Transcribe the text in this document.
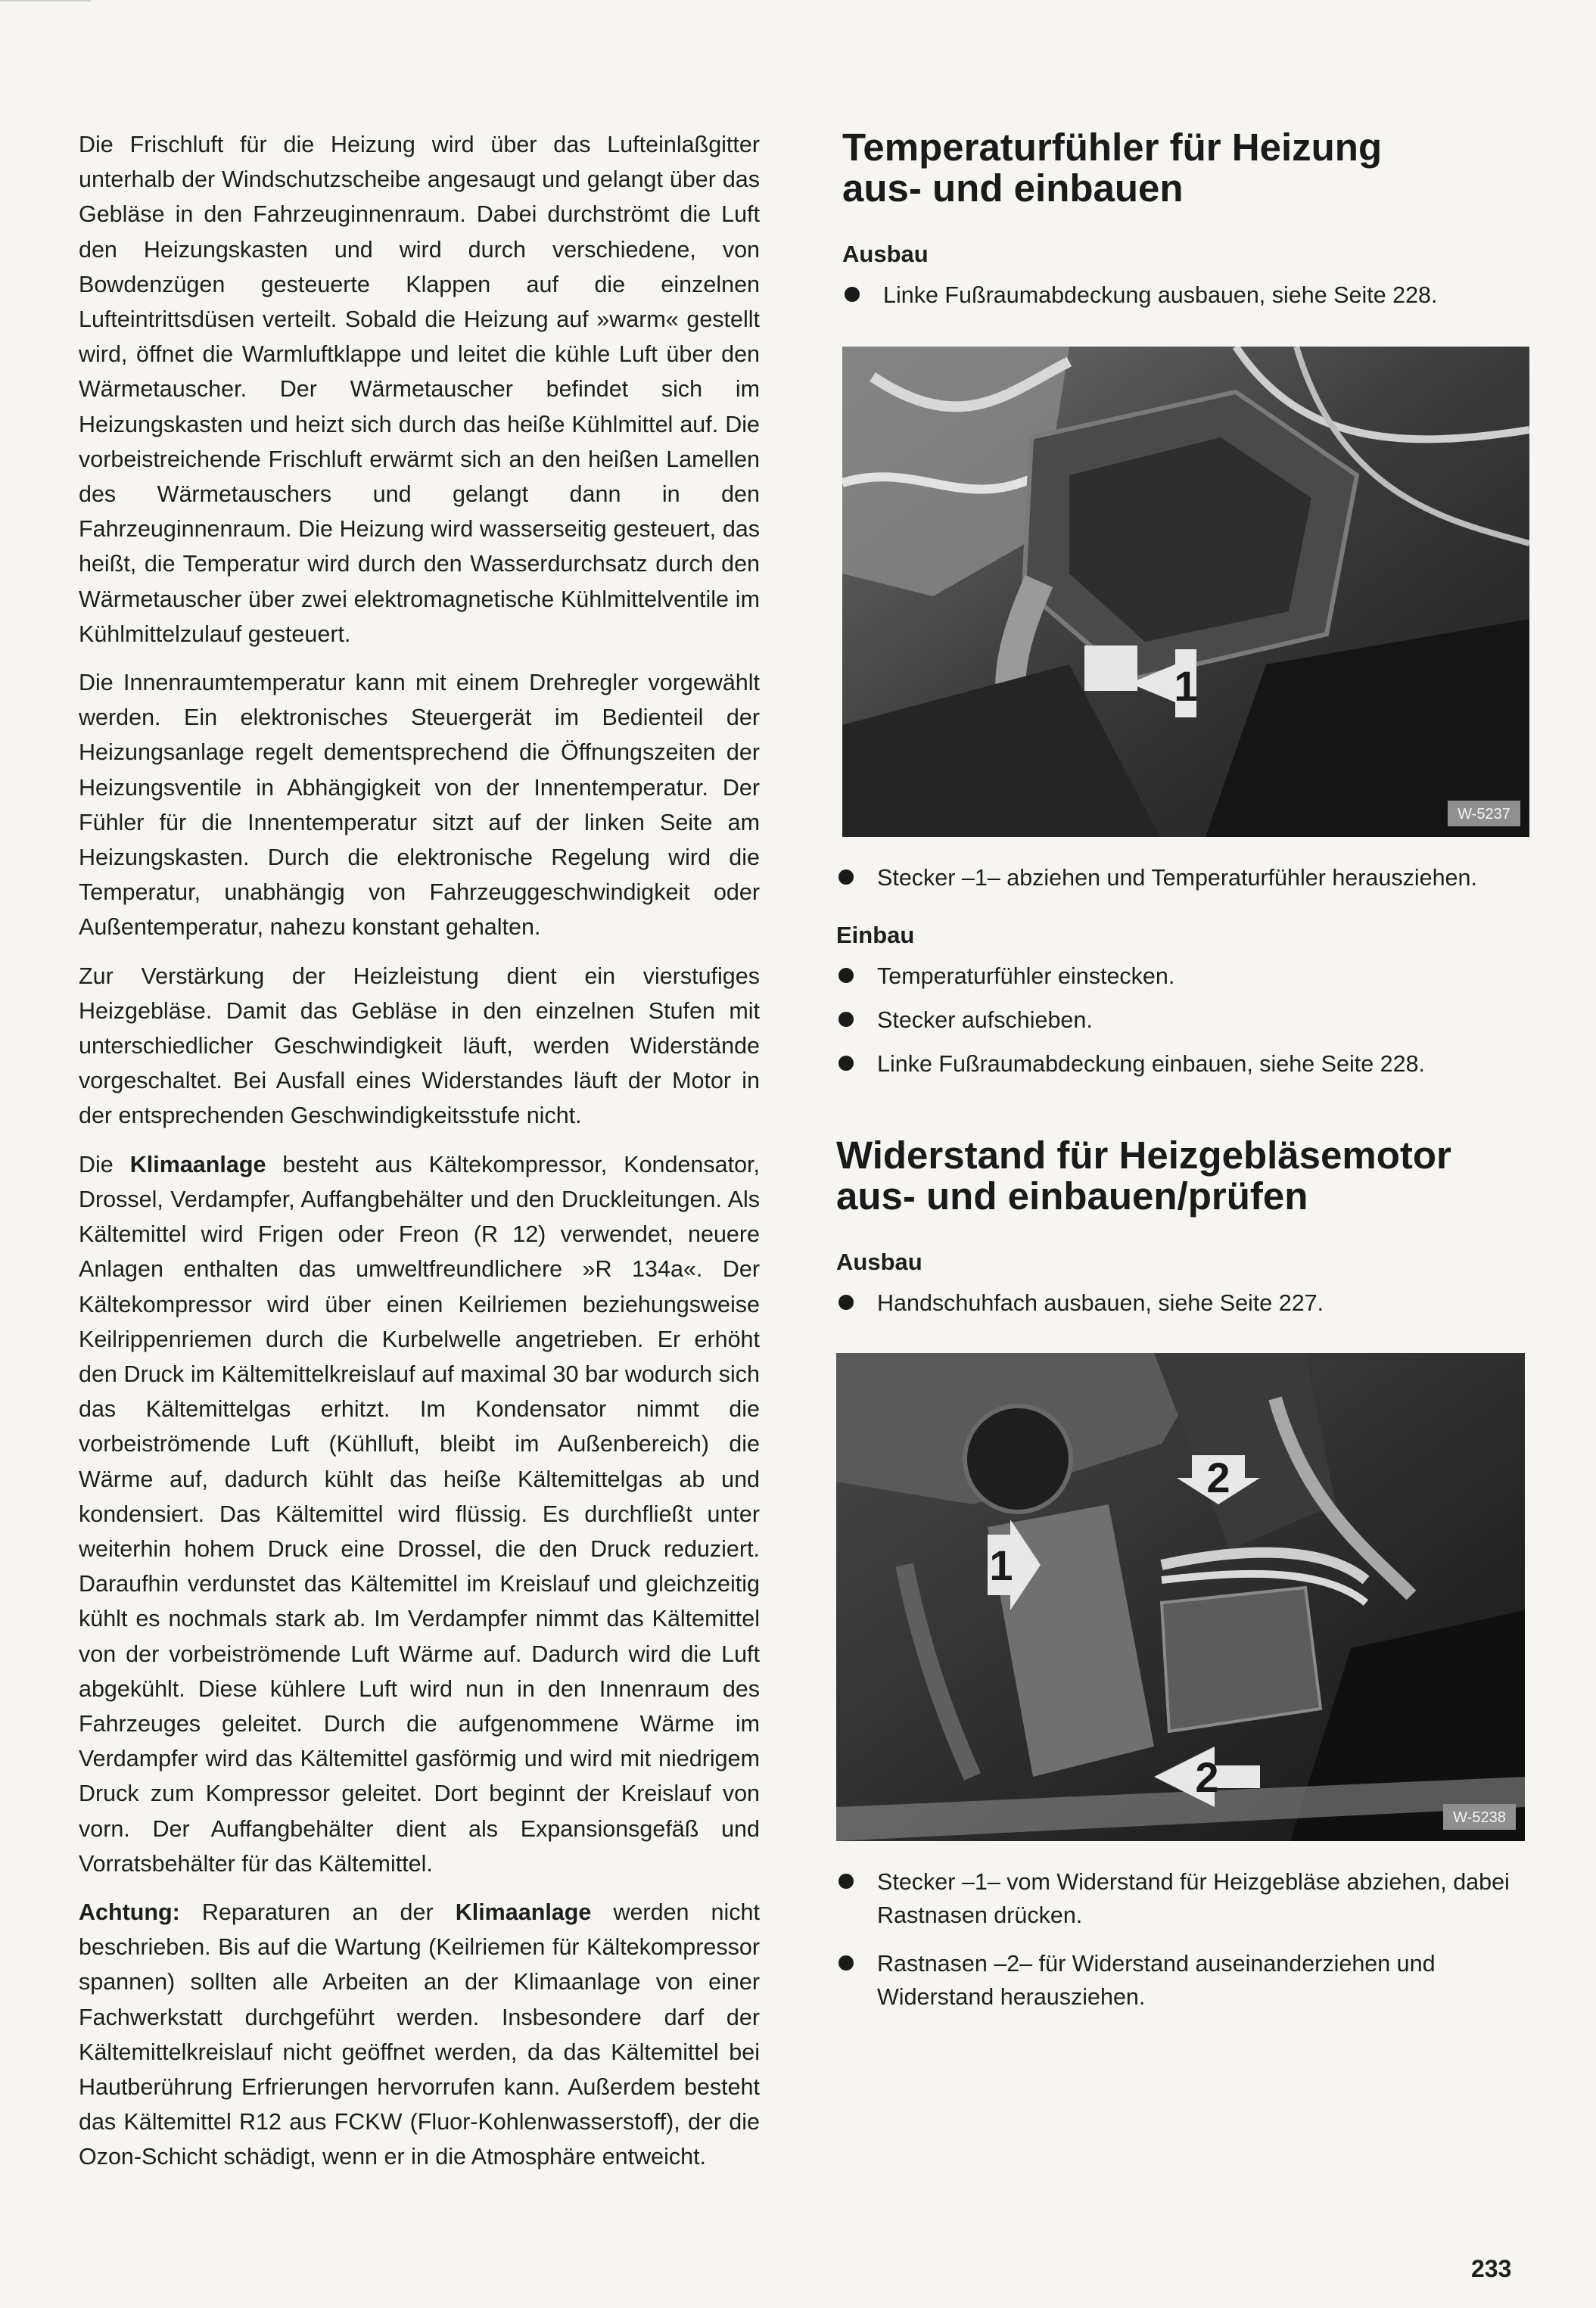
Die Frischluft für die Heizung wird über das Lufteinlaßgitter unterhalb der Windschutzscheibe angesaugt und gelangt über das Gebläse in den Fahrzeuginnenraum. Dabei durchströmt die Luft den Heizungskasten und wird durch verschiedene, von Bowdenzügen gesteuerte Klappen auf die einzelnen Lufteintrittsdüsen verteilt. Sobald die Heizung auf »warm« gestellt wird, öffnet die Warmluftklappe und leitet die kühle Luft über den Wärmetauscher. Der Wärmetauscher befindet sich im Heizungskasten und heizt sich durch das heiße Kühlmittel auf. Die vorbeistreichende Frischluft erwärmt sich an den heißen Lamellen des Wärmetauschers und gelangt dann in den Fahrzeuginnenraum. Die Heizung wird wasserseitig gesteuert, das heißt, die Temperatur wird durch den Wasserdurchsatz durch den Wärmetauscher über zwei elektromagnetische Kühlmittelventile im Kühlmittelzulauf gesteuert.

Die Innenraumtemperatur kann mit einem Drehregler vorgewählt werden. Ein elektronisches Steuergerät im Bedienteil der Heizungsanlage regelt dementsprechend die Öffnungszeiten der Heizungsventile in Abhängigkeit von der Innentemperatur. Der Fühler für die Innentemperatur sitzt auf der linken Seite am Heizungskasten. Durch die elektronische Regelung wird die Temperatur, unabhängig von Fahrzeuggeschwindigkeit oder Außentemperatur, nahezu konstant gehalten.

Zur Verstärkung der Heizleistung dient ein vierstufiges Heizgebläse. Damit das Gebläse in den einzelnen Stufen mit unterschiedlicher Geschwindigkeit läuft, werden Widerstände vorgeschaltet. Bei Ausfall eines Widerstandes läuft der Motor in der entsprechenden Geschwindigkeitsstufe nicht.

Die Klimaanlage besteht aus Kältekompressor, Kondensator, Drossel, Verdampfer, Auffangbehälter und den Druckleitungen. Als Kältemittel wird Frigen oder Freon (R 12) verwendet, neuere Anlagen enthalten das umweltfreundlichere »R 134a«. Der Kältekompressor wird über einen Keilriemen beziehungsweise Keilrippenriemen durch die Kurbelwelle angetrieben. Er erhöht den Druck im Kältemittelkreislauf auf maximal 30 bar wodurch sich das Kältemittelgas erhitzt. Im Kondensator nimmt die vorbeiströmende Luft (Kühlluft, bleibt im Außenbereich) die Wärme auf, dadurch kühlt das heiße Kältemittelgas ab und kondensiert. Das Kältemittel wird flüssig. Es durchfließt unter weiterhin hohem Druck eine Drossel, die den Druck reduziert. Daraufhin verdunstet das Kältemittel im Kreislauf und gleichzeitig kühlt es nochmals stark ab. Im Verdampfer nimmt das Kältemittel von der vorbeiströmende Luft Wärme auf. Dadurch wird die Luft abgekühlt. Diese kühlere Luft wird nun in den Innenraum des Fahrzeuges geleitet. Durch die aufgenommene Wärme im Verdampfer wird das Kältemittel gasförmig und wird mit niedrigem Druck zum Kompressor geleitet. Dort beginnt der Kreislauf von vorn. Der Auffangbehälter dient als Expansionsgefäß und Vorratsbehälter für das Kältemittel.

Achtung: Reparaturen an der Klimaanlage werden nicht beschrieben. Bis auf die Wartung (Keilriemen für Kältekompressor spannen) sollten alle Arbeiten an der Klimaanlage von einer Fachwerkstatt durchgeführt werden. Insbesondere darf der Kältemittelkreislauf nicht geöffnet werden, da das Kältemittel bei Hautberührung Erfrierungen hervorrufen kann. Außerdem besteht das Kältemittel R12 aus FCKW (Fluor-Kohlenwasserstoff), der die Ozon-Schicht schädigt, wenn er in die Atmosphäre entweicht.

Temperaturfühler für Heizung
aus- und einbauen
Ausbau
Linke Fußraumabdeckung ausbauen, siehe Seite 228.
1
W-5237
Stecker –1– abziehen und Temperaturfühler herausziehen.
Einbau
Temperaturfühler einstecken.
Stecker aufschieben.
Linke Fußraumabdeckung einbauen, siehe Seite 228.
Widerstand für Heizgebläsemotor
aus- und einbauen/prüfen
Ausbau
Handschuhfach ausbauen, siehe Seite 227.
2
1
2
W-5238
Stecker –1– vom Widerstand für Heizgebläse abziehen, dabei Rastnasen drücken.
Rastnasen –2– für Widerstand auseinanderziehen und Widerstand herausziehen.
233
